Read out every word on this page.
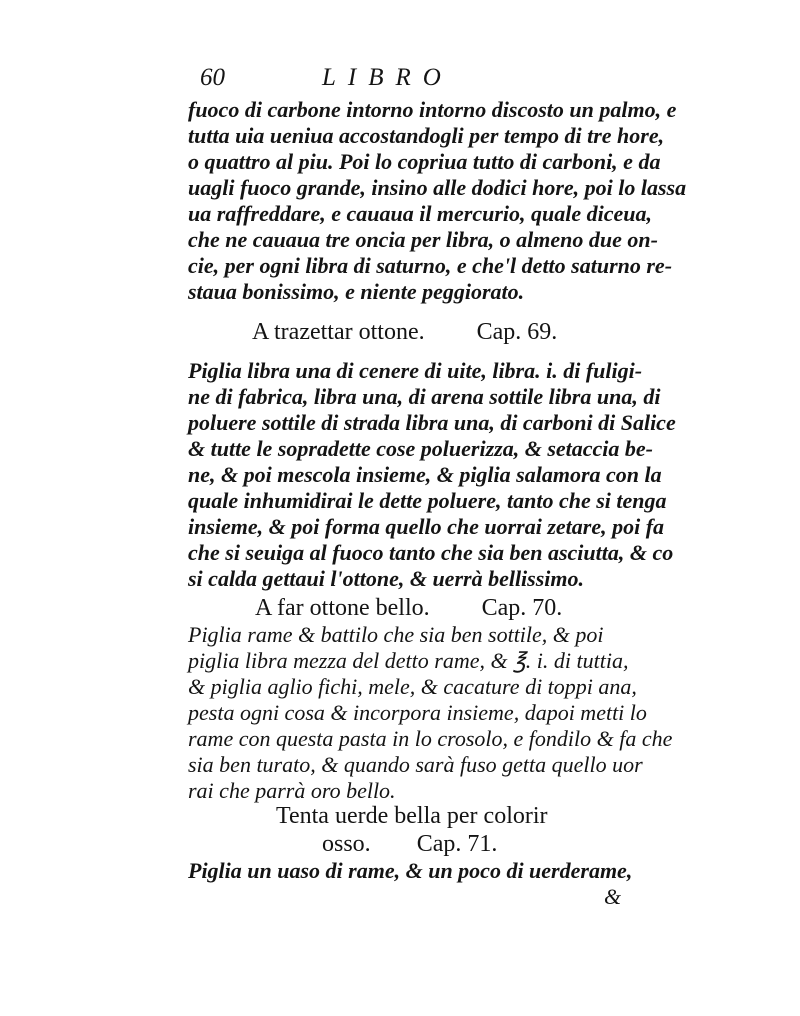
60	LIBRO
fuoco di carbone intorno intorno discosto un palmo, e
tutta uia ueniua accostandogli per tempo di tre hore,
o quattro al piu. Poi lo copriua tutto di carboni, e da
uagli fuoco grande, insino alle dodici hore, poi lo lassa
ua raffreddare, e cauaua il mercurio, quale diceua,
che ne cauaua tre oncia per libra, o almeno due on-
cie, per ogni libra di saturno, e che'l detto saturno re-
staua bonissimo, e niente peggiorato.
A trazettar ottone. Cap. 69.
Piglia libra una di cenere di uite, libra. i. di fuligi-
ne di fabrica, libra una, di arena sottile libra una, di
poluere sottile di strada libra una, di carboni di Salice
& tutte le sopradette cose poluerizza, & setaccia be-
ne, & poi mescola insieme, & piglia salamora con la
quale inhumidirai le dette poluere, tanto che si tenga
insieme, & poi forma quello che uorrai zetare, poi fa
che si seuiga al fuoco tanto che sia ben asciutta, & co
si calda gettaui l'ottone, & uerrà bellissimo.
A far ottone bello. Cap. 70.
Piglia rame & battilo che sia ben sottile, & poi
piglia libra mezza del detto rame, & ℥. i. di tuttia,
& piglia aglio fichi, mele, & cacature di toppi ana,
pesta ogni cosa & incorpora insieme, dapoi metti lo
rame con questa pasta in lo crosolo, e fondilo & fa che
sia ben turato, & quando sarà fuso getta quello uor
rai che parrà oro bello.
Tenta uerde bella per colorir
osso. Cap. 71.
Piglia un uaso di rame, & un poco di uerderame,
&
